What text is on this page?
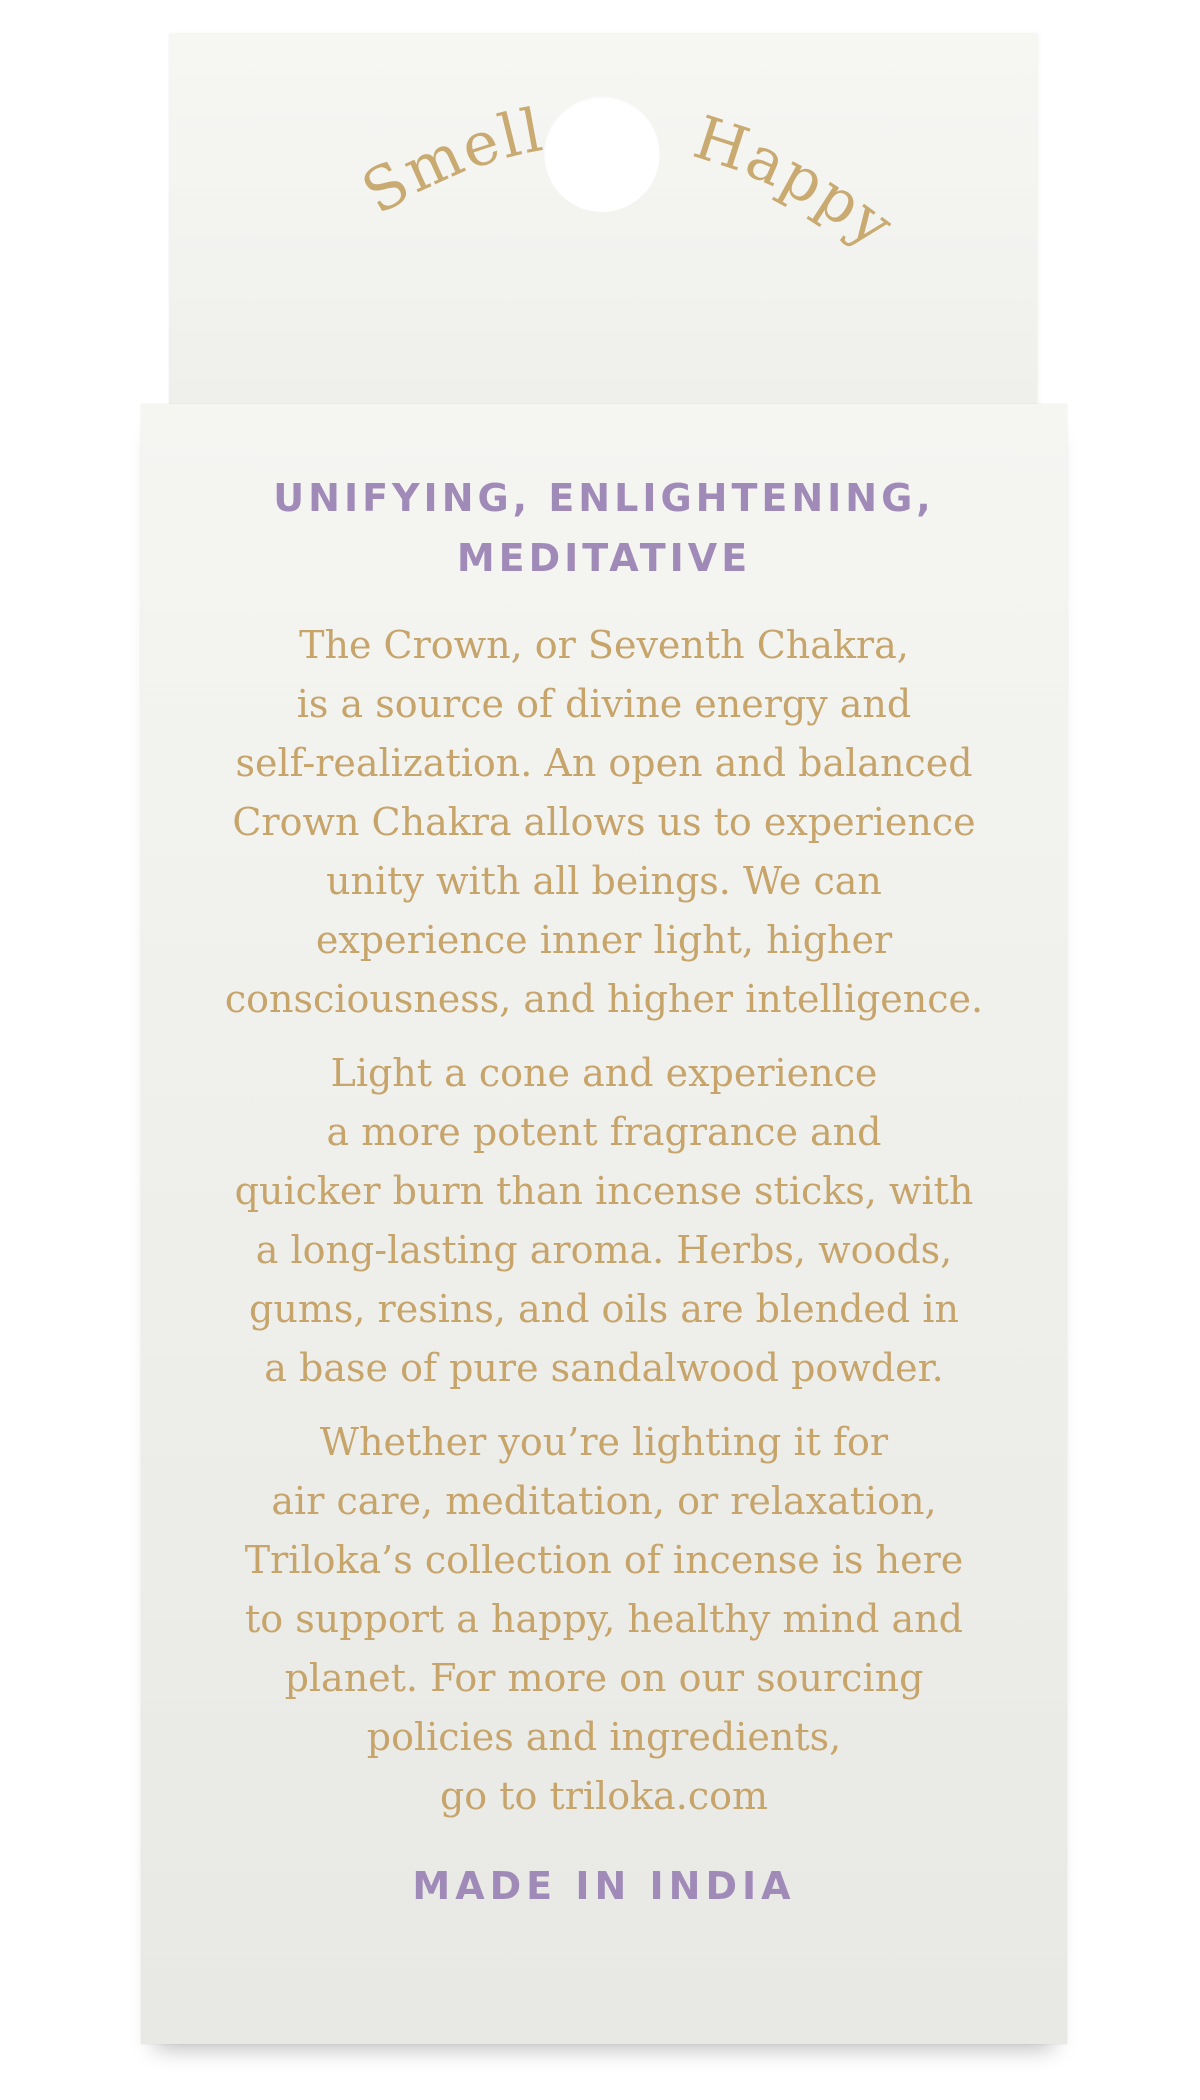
Smell Happy
UNIFYING, ENLIGHTENING,
MEDITATIVE
The Crown, or Seventh Chakra,
is a source of divine energy and
self-realization. An open and balanced
Crown Chakra allows us to experience
unity with all beings. We can
experience inner light, higher
consciousness, and higher intelligence.
Light a cone and experience
a more potent fragrance and
quicker burn than incense sticks, with
a long-lasting aroma. Herbs, woods,
gums, resins, and oils are blended in
a base of pure sandalwood powder.
Whether you’re lighting it for
air care, meditation, or relaxation,
Triloka’s collection of incense is here
to support a happy, healthy mind and
planet. For more on our sourcing
policies and ingredients,
go to triloka.com
MADE IN INDIA
